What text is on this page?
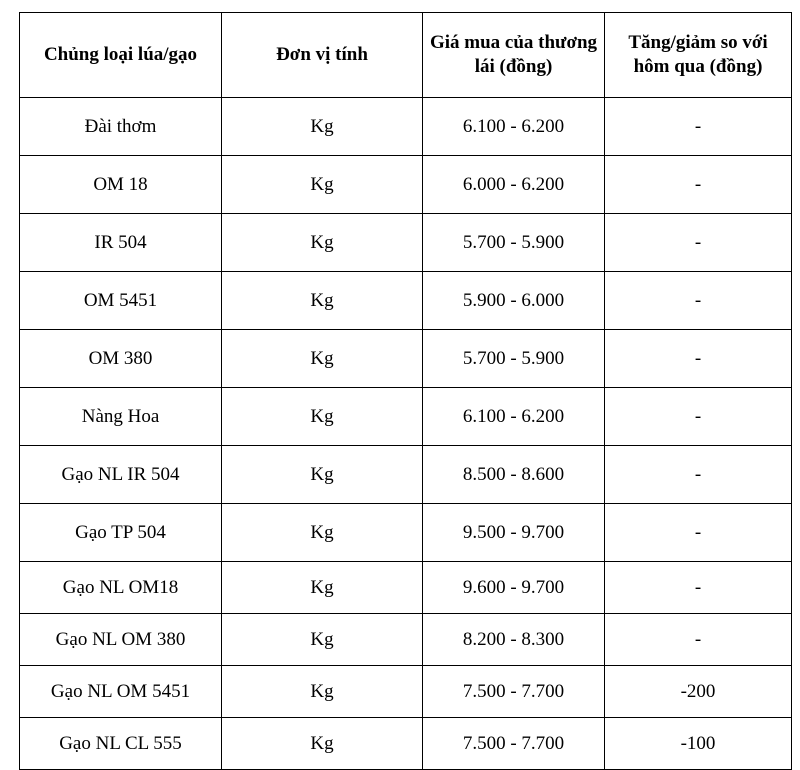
Chủng loại lúa/gạo	Đơn vị tính	Giá mua của thương lái (đồng)	Tăng/giảm so với hôm qua (đồng)
Đài thơm	Kg	6.100 - 6.200	-
OM 18	Kg	6.000 - 6.200	-
IR 504	Kg	5.700 - 5.900	-
OM 5451	Kg	5.900 - 6.000	-
OM 380	Kg	5.700 - 5.900	-
Nàng Hoa	Kg	6.100 - 6.200	-
Gạo NL IR 504	Kg	8.500 - 8.600	-
Gạo TP 504	Kg	9.500 - 9.700	-
Gạo NL OM18	Kg	9.600 - 9.700	-
Gạo NL OM 380	Kg	8.200 - 8.300	-
Gạo NL OM 5451	Kg	7.500 - 7.700	-200
Gạo NL CL 555	Kg	7.500 - 7.700	-100
